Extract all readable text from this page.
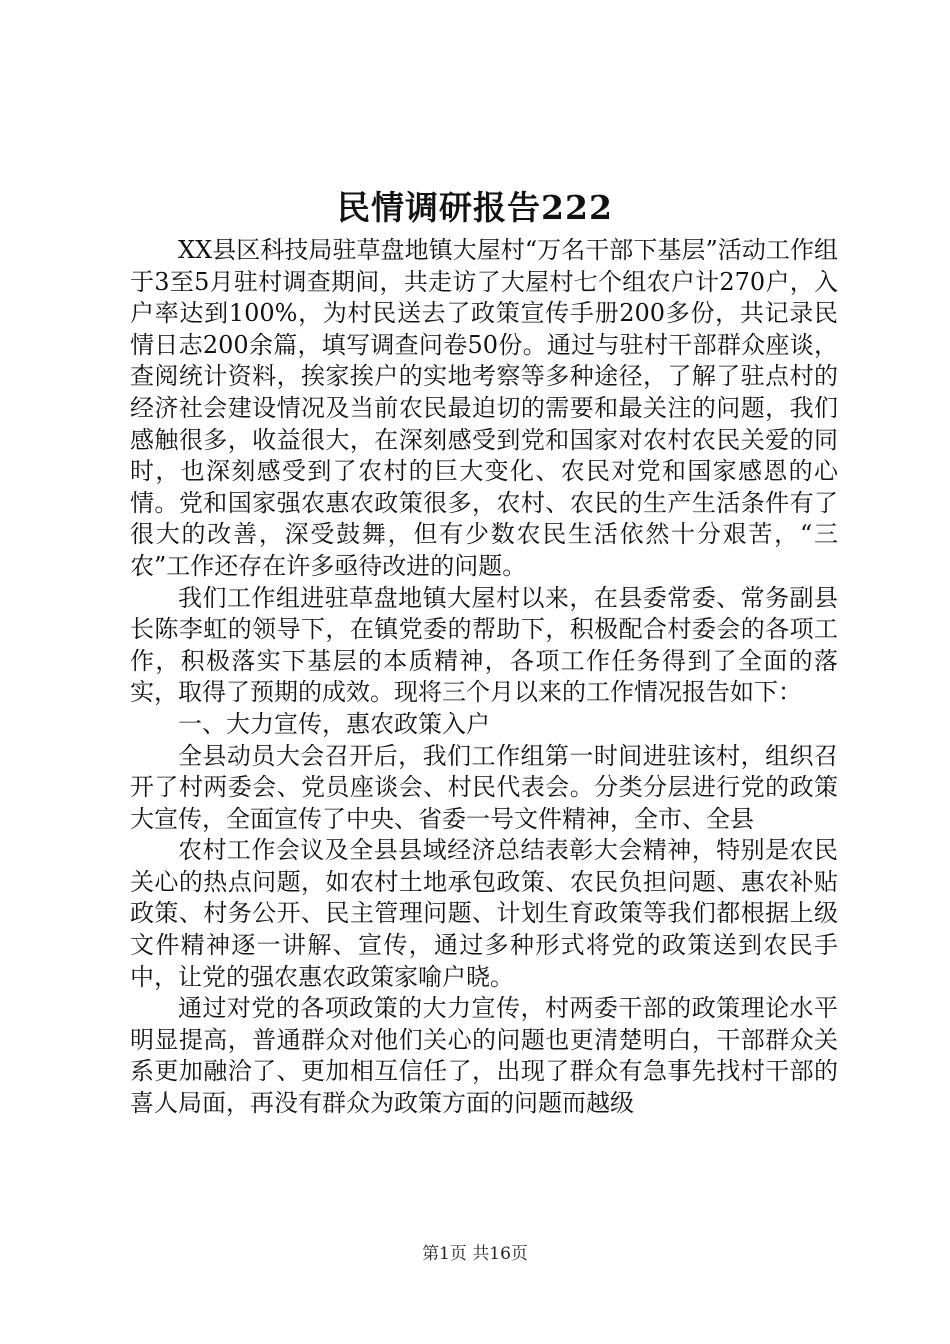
民情调研报告222

XX县区科技局驻草盘地镇大屋村“万名干部下基层”活动工作组于3至5月驻村调查期间，共走访了大屋村七个组农户计270户，入户率达到100%，为村民送去了政策宣传手册200多份，共记录民情日志200余篇，填写调查问卷50份。通过与驻村干部群众座谈，查阅统计资料，挨家挨户的实地考察等多种途径，了解了驻点村的经济社会建设情况及当前农民最迫切的需要和最关注的问题，我们感触很多，收益很大，在深刻感受到党和国家对农村农民关爱的同时，也深刻感受到了农村的巨大变化、农民对党和国家感恩的心情。党和国家强农惠农政策很多，农村、农民的生产生活条件有了很大的改善，深受鼓舞，但有少数农民生活依然十分艰苦，“三农”工作还存在许多亟待改进的问题。

我们工作组进驻草盘地镇大屋村以来，在县委常委、常务副县长陈李虹的领导下，在镇党委的帮助下，积极配合村委会的各项工作，积极落实下基层的本质精神，各项工作任务得到了全面的落实，取得了预期的成效。现将三个月以来的工作情况报告如下：

一、大力宣传，惠农政策入户

全县动员大会召开后，我们工作组第一时间进驻该村，组织召开了村两委会、党员座谈会、村民代表会。分类分层进行党的政策大宣传，全面宣传了中央、省委一号文件精神，全市、全县

农村工作会议及全县县域经济总结表彰大会精神，特别是农民关心的热点问题，如农村土地承包政策、农民负担问题、惠农补贴政策、村务公开、民主管理问题、计划生育政策等我们都根据上级文件精神逐一讲解、宣传，通过多种形式将党的政策送到农民手中，让党的强农惠农政策家喻户晓。

通过对党的各项政策的大力宣传，村两委干部的政策理论水平明显提高，普通群众对他们关心的问题也更清楚明白，干部群众关系更加融洽了、更加相互信任了，出现了群众有急事先找村干部的喜人局面，再没有群众为政策方面的问题而越级

第1页 共16页
